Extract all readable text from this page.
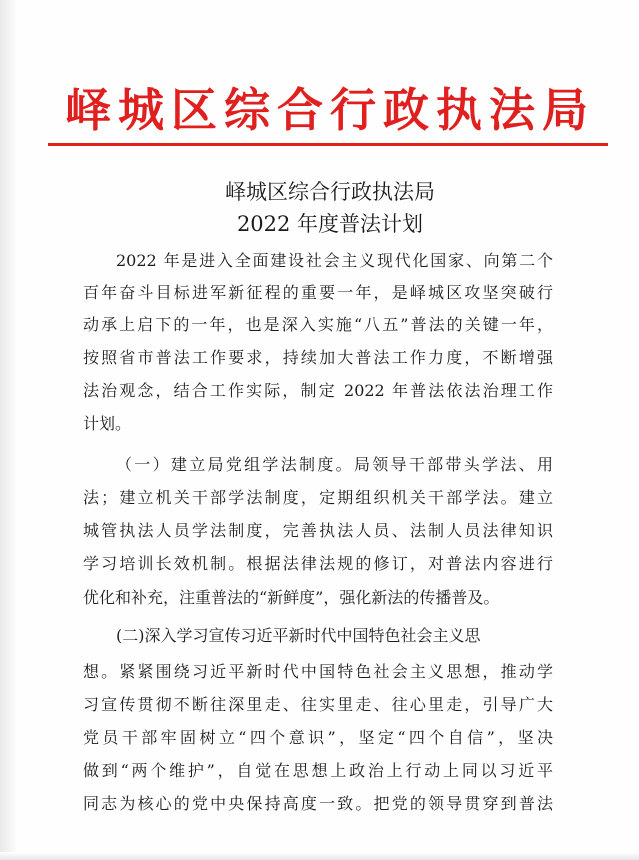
峄城区综合行政执法局
峄城区综合行政执法局
2022 年度普法计划
2022 年是进入全面建设社会主义现代化国家、向第二个
百年奋斗目标进军新征程的重要一年，是峄城区攻坚突破行
动承上启下的一年，也是深入实施“八五”普法的关键一年，
按照省市普法工作要求，持续加大普法工作力度，不断增强
法治观念，结合工作实际，制定 2022 年普法依法治理工作
计划。
（一）建立局党组学法制度。局领导干部带头学法、用
法；建立机关干部学法制度，定期组织机关干部学法。建立
城管执法人员学法制度，完善执法人员、法制人员法律知识
学习培训长效机制。根据法律法规的修订，对普法内容进行
优化和补充，注重普法的“新鲜度”，强化新法的传播普及。
(二)深入学习宣传习近平新时代中国特色社会主义思
想。紧紧围绕习近平新时代中国特色社会主义思想，推动学
习宣传贯彻不断往深里走、往实里走、往心里走，引导广大
党员干部牢固树立“四个意识”，坚定“四个自信”，坚决
做到“两个维护”，自觉在思想上政治上行动上同以习近平
同志为核心的党中央保持高度一致。把党的领导贯穿到普法
